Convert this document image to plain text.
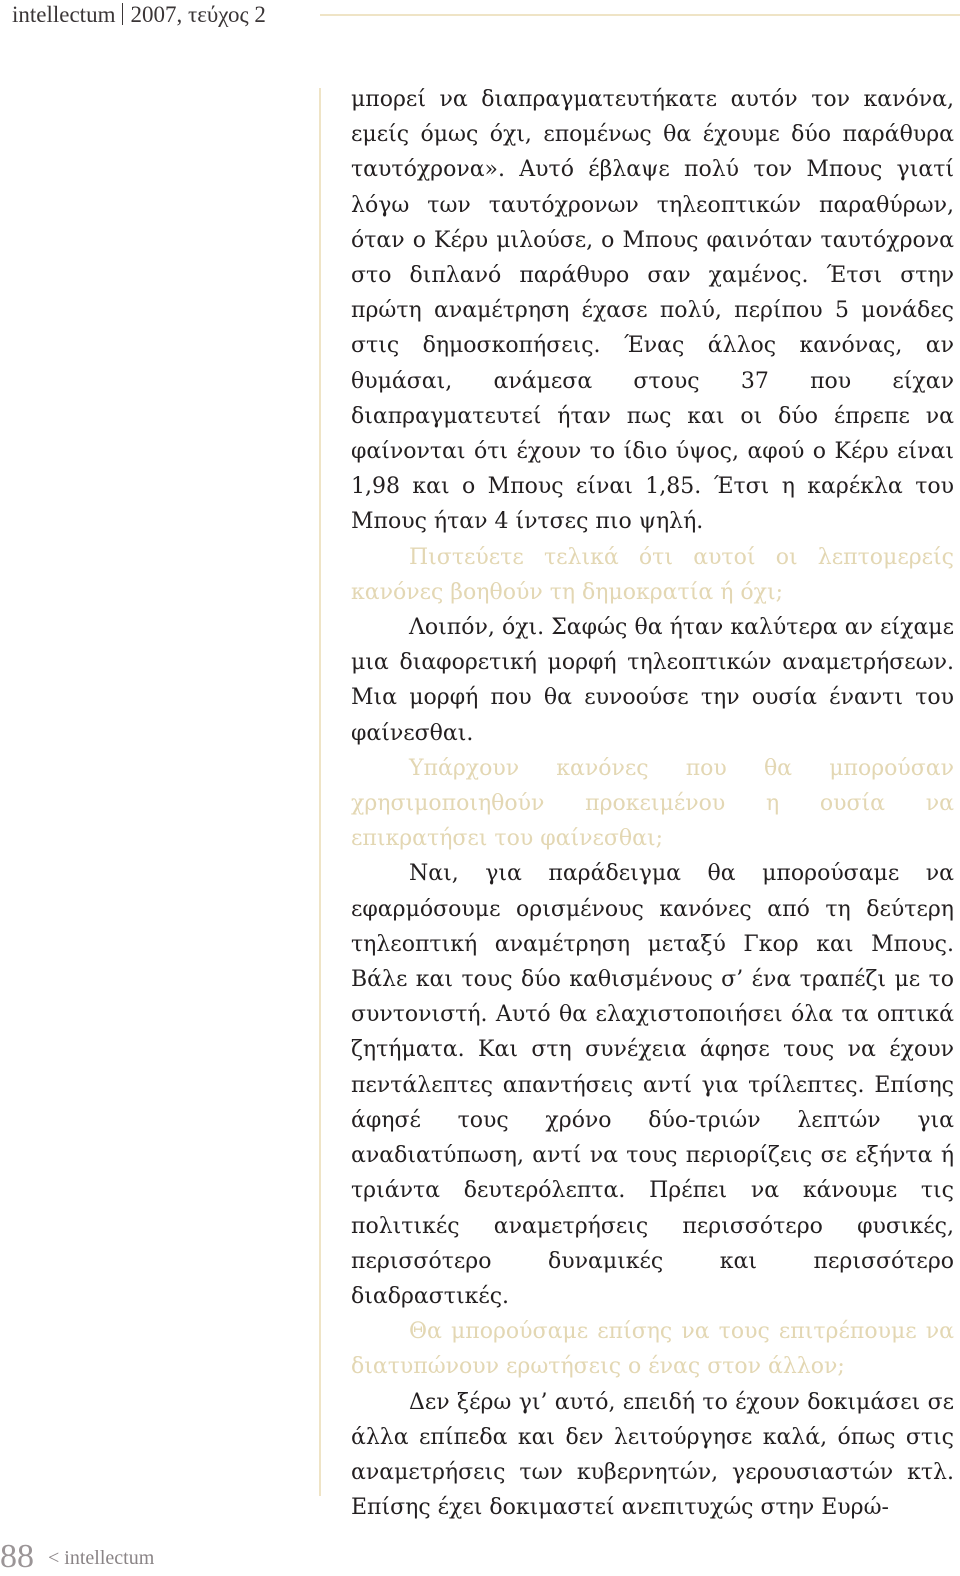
intellectum 2007, τεύχος 2

μπορεί να διαπραγματευτήκατε αυτόν τον κανόνα, εμείς όμως όχι, επομένως θα έχουμε δύο παράθυρα ταυτόχρονα». Αυτό έβλαψε πολύ τον Μπους γιατί λόγω των ταυτόχρονων τηλεοπτικών παραθύρων, όταν ο Κέρυ μιλούσε, ο Μπους φαινόταν ταυτόχρονα στο διπλανό παράθυρο σαν χαμένος. Έτσι στην πρώτη αναμέτρηση έχασε πολύ, περίπου 5 μονάδες στις δημοσκοπήσεις. Ένας άλλος κανόνας, αν θυμάσαι, ανάμεσα στους 37 που είχαν διαπραγματευτεί ήταν πως και οι δύο έπρεπε να φαίνονται ότι έχουν το ίδιο ύψος, αφού ο Κέρυ είναι 1,98 και ο Μπους είναι 1,85. Έτσι η καρέκλα του Μπους ήταν 4 ίντσες πιο ψηλή.

Πιστεύετε τελικά ότι αυτοί οι λεπτομερείς κανόνες βοηθούν τη δημοκρατία ή όχι;

Λοιπόν, όχι. Σαφώς θα ήταν καλύτερα αν είχαμε μια διαφορετική μορφή τηλεοπτικών αναμετρήσεων. Μια μορφή που θα ευνοούσε την ουσία έναντι του φαίνεσθαι.

Υπάρχουν κανόνες που θα μπορούσαν χρησιμοποιηθούν προκειμένου η ουσία να επικρατήσει του φαίνεσθαι;

Ναι, για παράδειγμα θα μπορούσαμε να εφαρμόσουμε ορισμένους κανόνες από τη δεύτερη τηλεοπτική αναμέτρηση μεταξύ Γκορ και Μπους. Βάλε και τους δύο καθισμένους σ’ ένα τραπέζι με το συντονιστή. Αυτό θα ελαχιστοποιήσει όλα τα οπτικά ζητήματα. Και στη συνέχεια άφησε τους να έχουν πεντάλεπτες απαντήσεις αντί για τρίλεπτες. Επίσης άφησέ τους χρόνο δύο-τριών λεπτών για αναδιατύπωση, αντί να τους περιορίζεις σε εξήντα ή τριάντα δευτερόλεπτα. Πρέπει να κάνουμε τις πολιτικές αναμετρήσεις περισσότερο φυσικές, περισσότερο δυναμικές και περισσότερο διαδραστικές.

Θα μπορούσαμε επίσης να τους επιτρέπουμε να διατυπώνουν ερωτήσεις ο ένας στον άλλον;

Δεν ξέρω γι’ αυτό, επειδή το έχουν δοκιμάσει σε άλλα επίπεδα και δεν λειτούργησε καλά, όπως στις αναμετρήσεις των κυβερνητών, γερουσιαστών κτλ. Επίσης έχει δοκιμαστεί ανεπιτυχώς στην Ευρώ-

88 < intellectum
